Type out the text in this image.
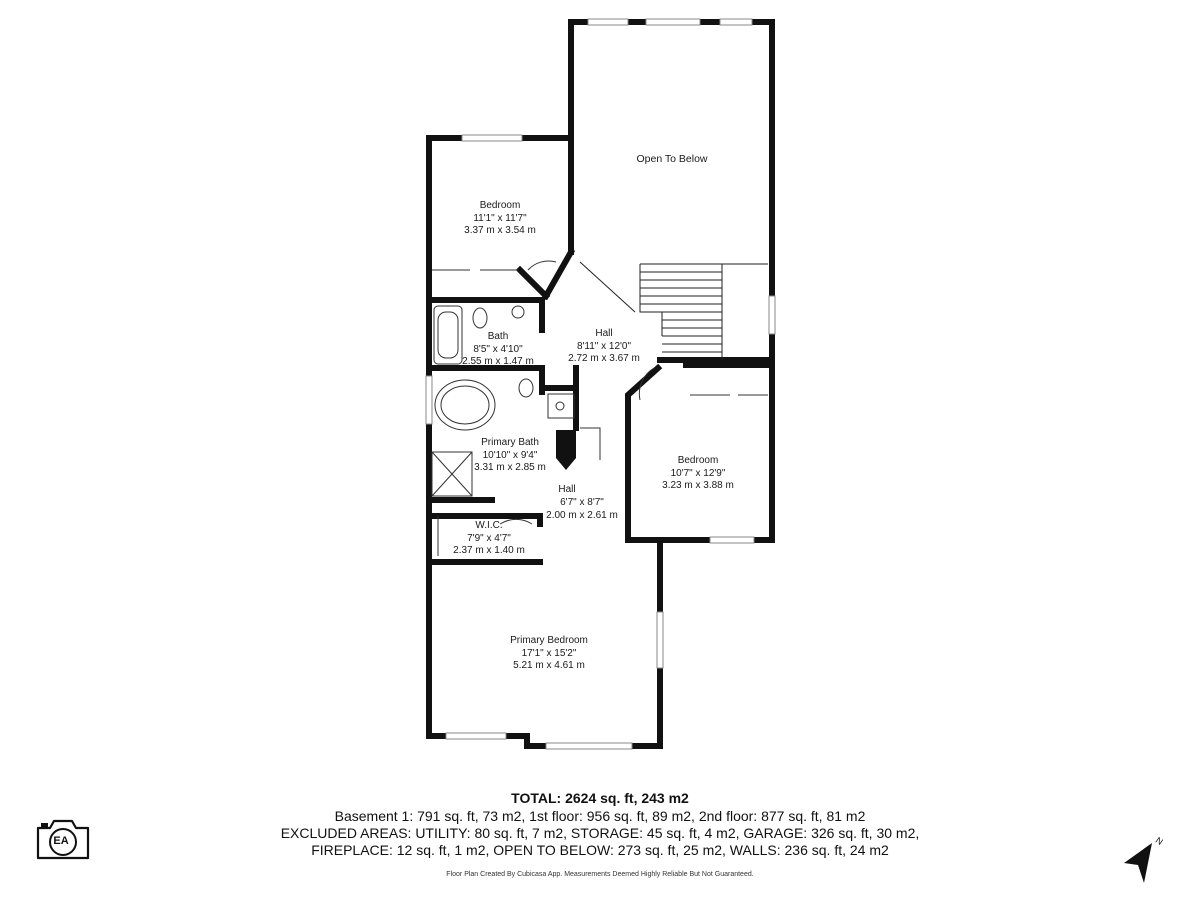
Open To Below
Bedroom
11'1" x 11'7"
3.37 m x 3.54 m
Bath
8'5" x 4'10"
2.55 m x 1.47 m
Hall
8'11" x 12'0"
2.72 m x 3.67 m
Primary Bath
10'10" x 9'4"
3.31 m x 2.85 m
Bedroom
10'7" x 12'9"
3.23 m x 3.88 m
Hall
6'7" x 8'7"
2.00 m x 2.61 m
W.I.C.
7'9" x 4'7"
2.37 m x 1.40 m
Primary Bedroom
17'1" x 15'2"
5.21 m x 4.61 m
TOTAL: 2624 sq. ft, 243 m2
Basement 1: 791 sq. ft, 73 m2, 1st floor: 956 sq. ft, 89 m2, 2nd floor: 877 sq. ft, 81 m2
EXCLUDED AREAS: UTILITY: 80 sq. ft, 7 m2, STORAGE: 45 sq. ft, 4 m2, GARAGE: 326 sq. ft, 30 m2,
FIREPLACE: 12 sq. ft, 1 m2, OPEN TO BELOW: 273 sq. ft, 25 m2, WALLS: 236 sq. ft, 24 m2
Floor Plan Created By Cubicasa App. Measurements Deemed Highly Reliable But Not Guaranteed.
EA	N
